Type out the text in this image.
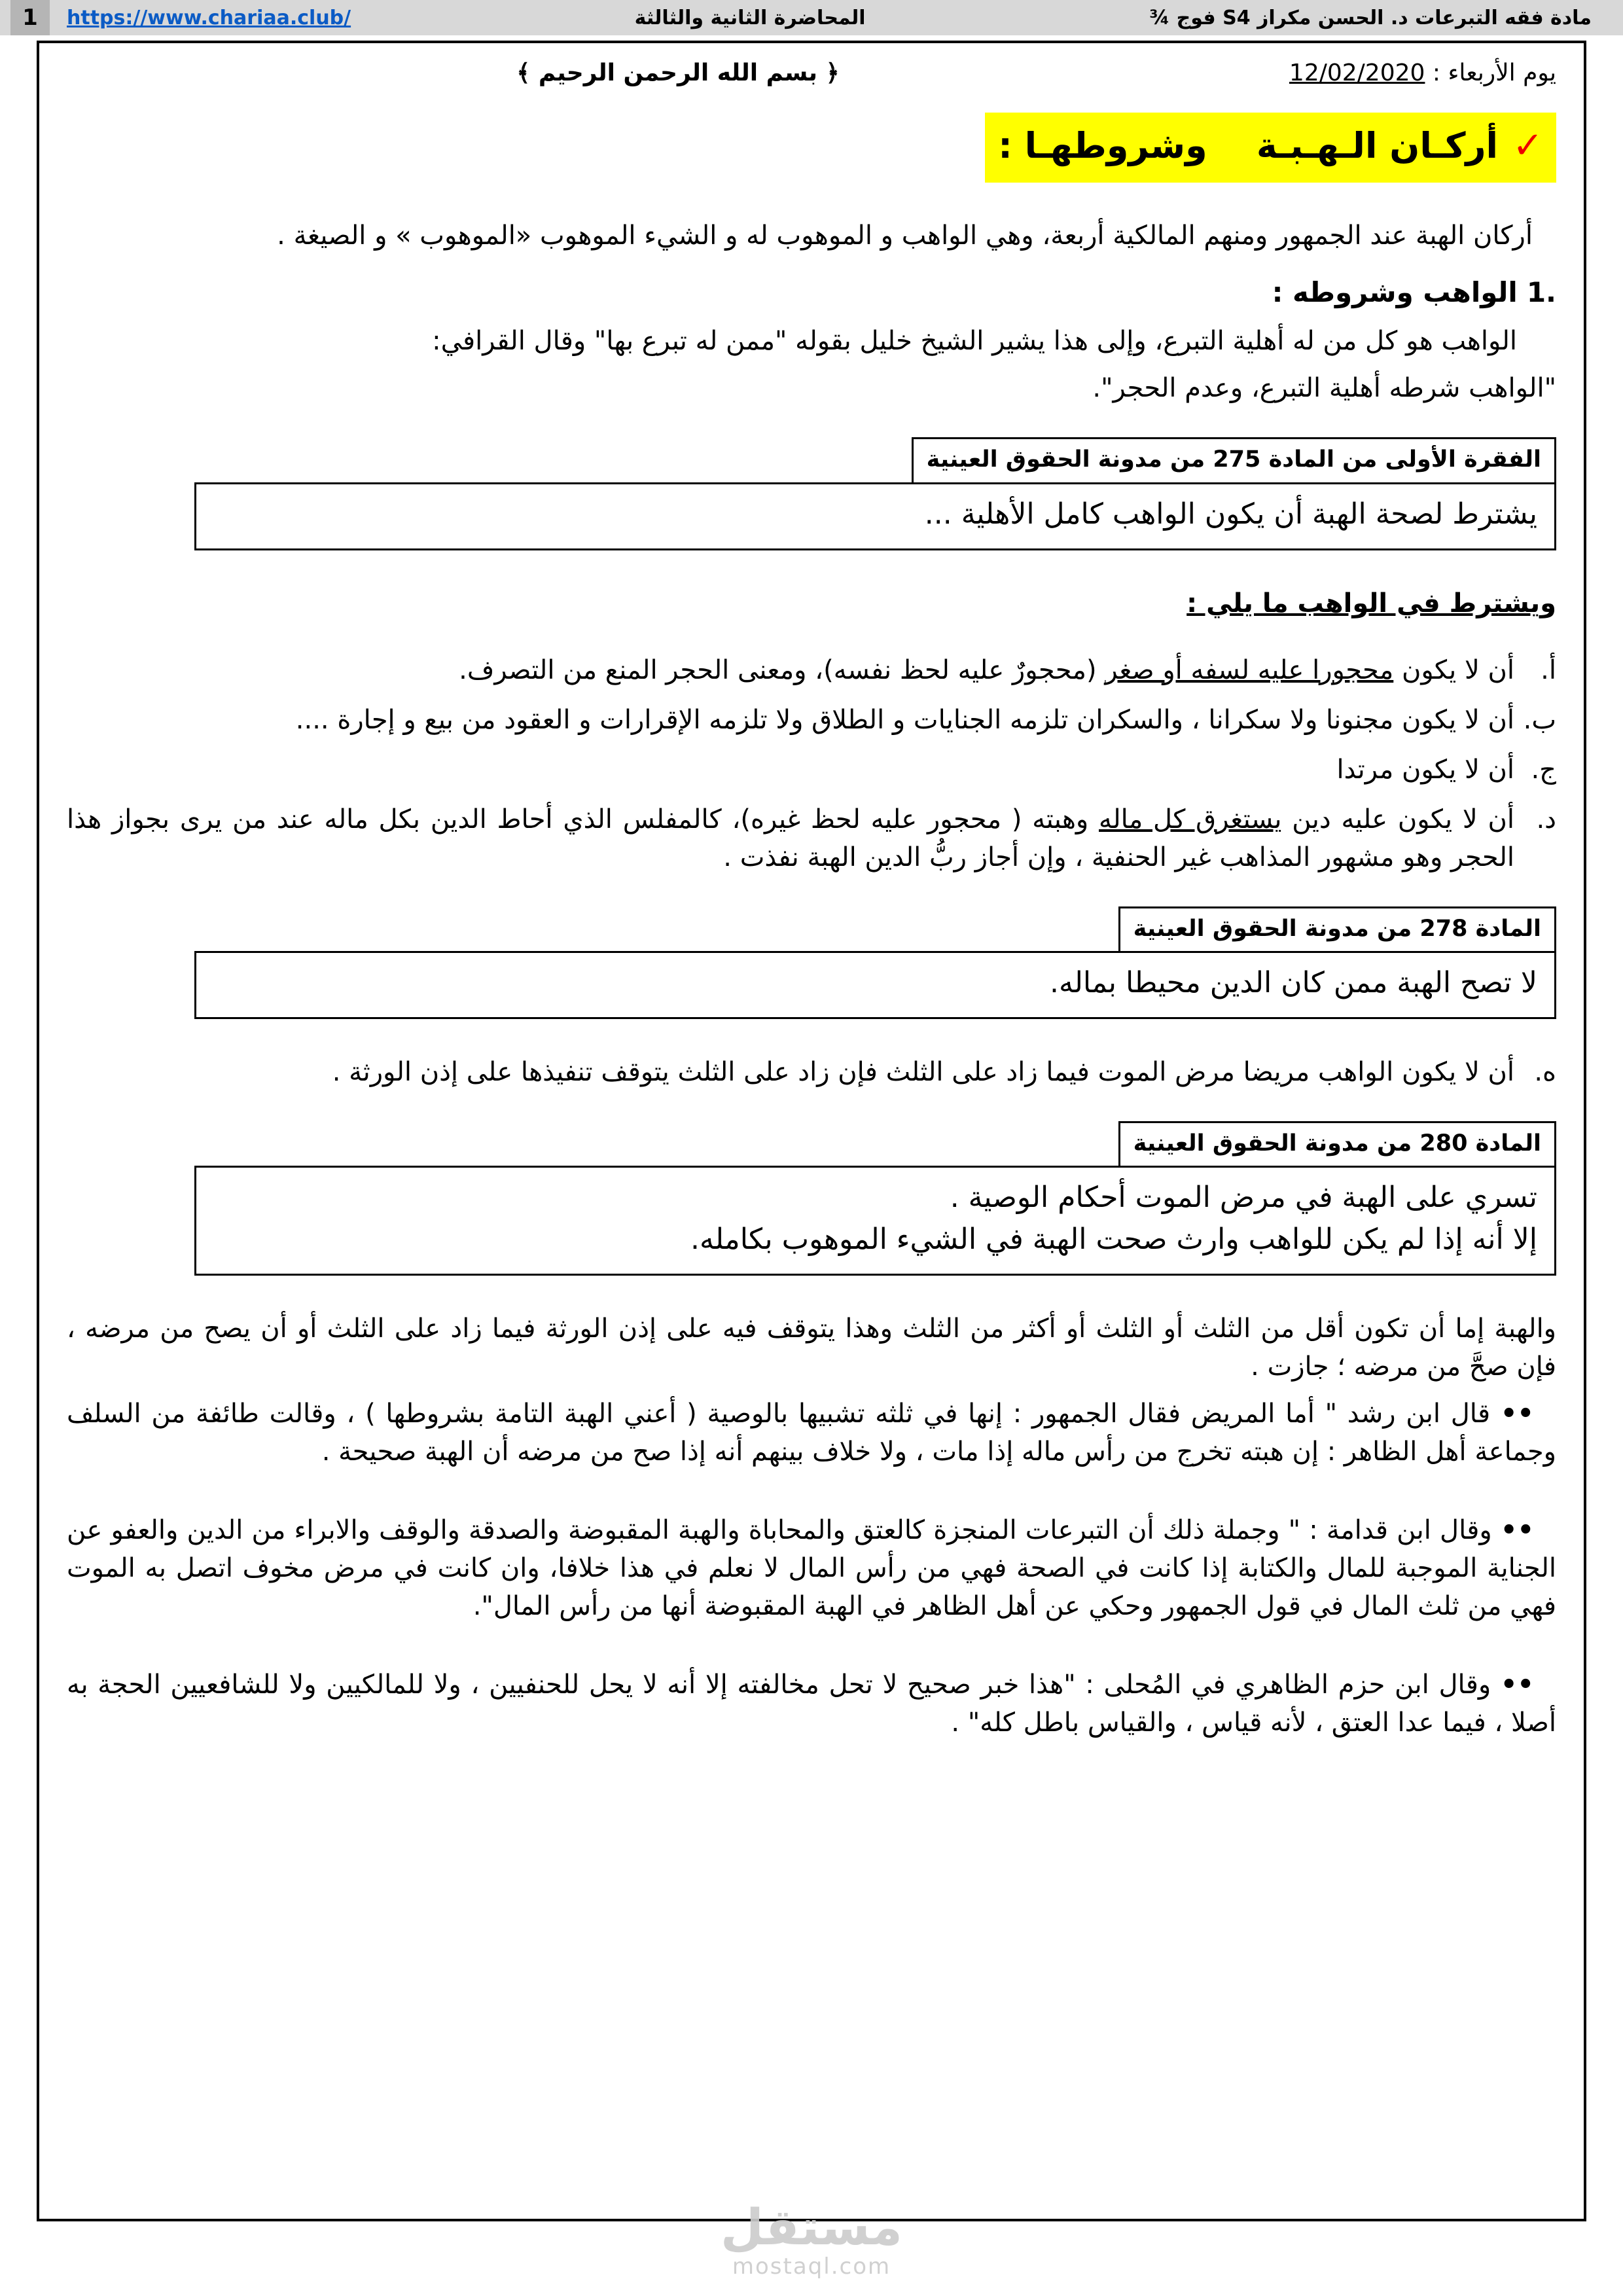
1	https://www.chariaa.club/	المحاضرة الثانية والثالثة	مادة فقه التبرعات د. الحسن مكراز S4 فوج ¾
يوم الأربعاء : 12/02/2020
﴿ بسم الله الرحمن الرحيم ﴾
✓أركـان الـهـبـة    وشروطهـا :

أركان الهبة عند الجمهور ومنهم المالكية أربعة، وهي الواهب و الموهوب له و الشيء الموهوب «الموهوب » و الصيغة .

1.الواهب وشروطه :

الواهب هو كل من له أهلية التبرع، وإلى هذا يشير الشيخ خليل بقوله "ممن له تبرع بها" وقال القرافي:

"الواهب شرطه أهلية التبرع، وعدم الحجر".

الفقرة الأولى من المادة 275 من مدونة الحقوق العينية

يشترط لصحة الهبة أن يكون الواهب كامل الأهلية ...

ويشترط في الواهب ما يلي :

أ.
أن لا يكون محجورا عليه لسفه أو صغر (محجورٌ عليه لحظ نفسه)، ومعنى الحجر المنع من التصرف.
ب.
أن لا يكون مجنونا ولا سكرانا ، والسكران تلزمه الجنايات و الطلاق ولا تلزمه الإقرارات و العقود من بيع و إجارة ....
ج.
أن لا يكون مرتدا
د.
أن لا يكون عليه دين يستغرق كل ماله وهبته ( محجور عليه لحظ غيره)، كالمفلس الذي أحاط الدين بكل ماله عند من يرى بجواز هذا الحجر وهو مشهور المذاهب غير الحنفية ، وإن أجاز ربُّ الدين الهبة نفذت .
المادة 278 من مدونة الحقوق العينية

لا تصح الهبة ممن كان الدين محيطا بماله.

ه.
أن لا يكون الواهب مريضا مرض الموت فيما زاد على الثلث فإن زاد على الثلث يتوقف تنفيذها على إذن الورثة .
المادة 280 من مدونة الحقوق العينية

تسري على الهبة في مرض الموت أحكام الوصية .

إلا أنه إذا لم يكن للواهب وارث صحت الهبة في الشيء الموهوب بكامله.

والهبة إما أن تكون أقل من الثلث أو الثلث أو أكثر من الثلث وهذا يتوقف فيه على إذن الورثة فيما زاد على الثلث أو أن يصح من مرضه ، فإن صحَّ من مرضه ؛ جازت .

•• قال ابن رشد " أما المريض فقال الجمهور : إنها في ثلثه تشبيها بالوصية ( أعني الهبة التامة بشروطها ) ، وقالت طائفة من السلف وجماعة أهل الظاهر : إن هبته تخرج من رأس ماله إذا مات ، ولا خلاف بينهم أنه إذا صح من مرضه أن الهبة صحيحة .

•• وقال ابن قدامة : " وجملة ذلك أن التبرعات المنجزة كالعتق والمحاباة والهبة المقبوضة والصدقة والوقف والابراء من الدين والعفو عن الجناية الموجبة للمال والكتابة إذا كانت في الصحة فهي من رأس المال لا نعلم في هذا خلافا، وان كانت في مرض مخوف اتصل به الموت فهي من ثلث المال في قول الجمهور وحكي عن أهل الظاهر في الهبة المقبوضة أنها من رأس المال".

•• وقال ابن حزم الظاهري في المُحلى : "هذا خبر صحيح لا تحل مخالفته إلا أنه لا يحل للحنفيين ، ولا للمالكيين ولا للشافعيين الحجة به أصلا ، فيما عدا العتق ، لأنه قياس ، والقياس باطل كله" .

مستقل
mostaql.com
